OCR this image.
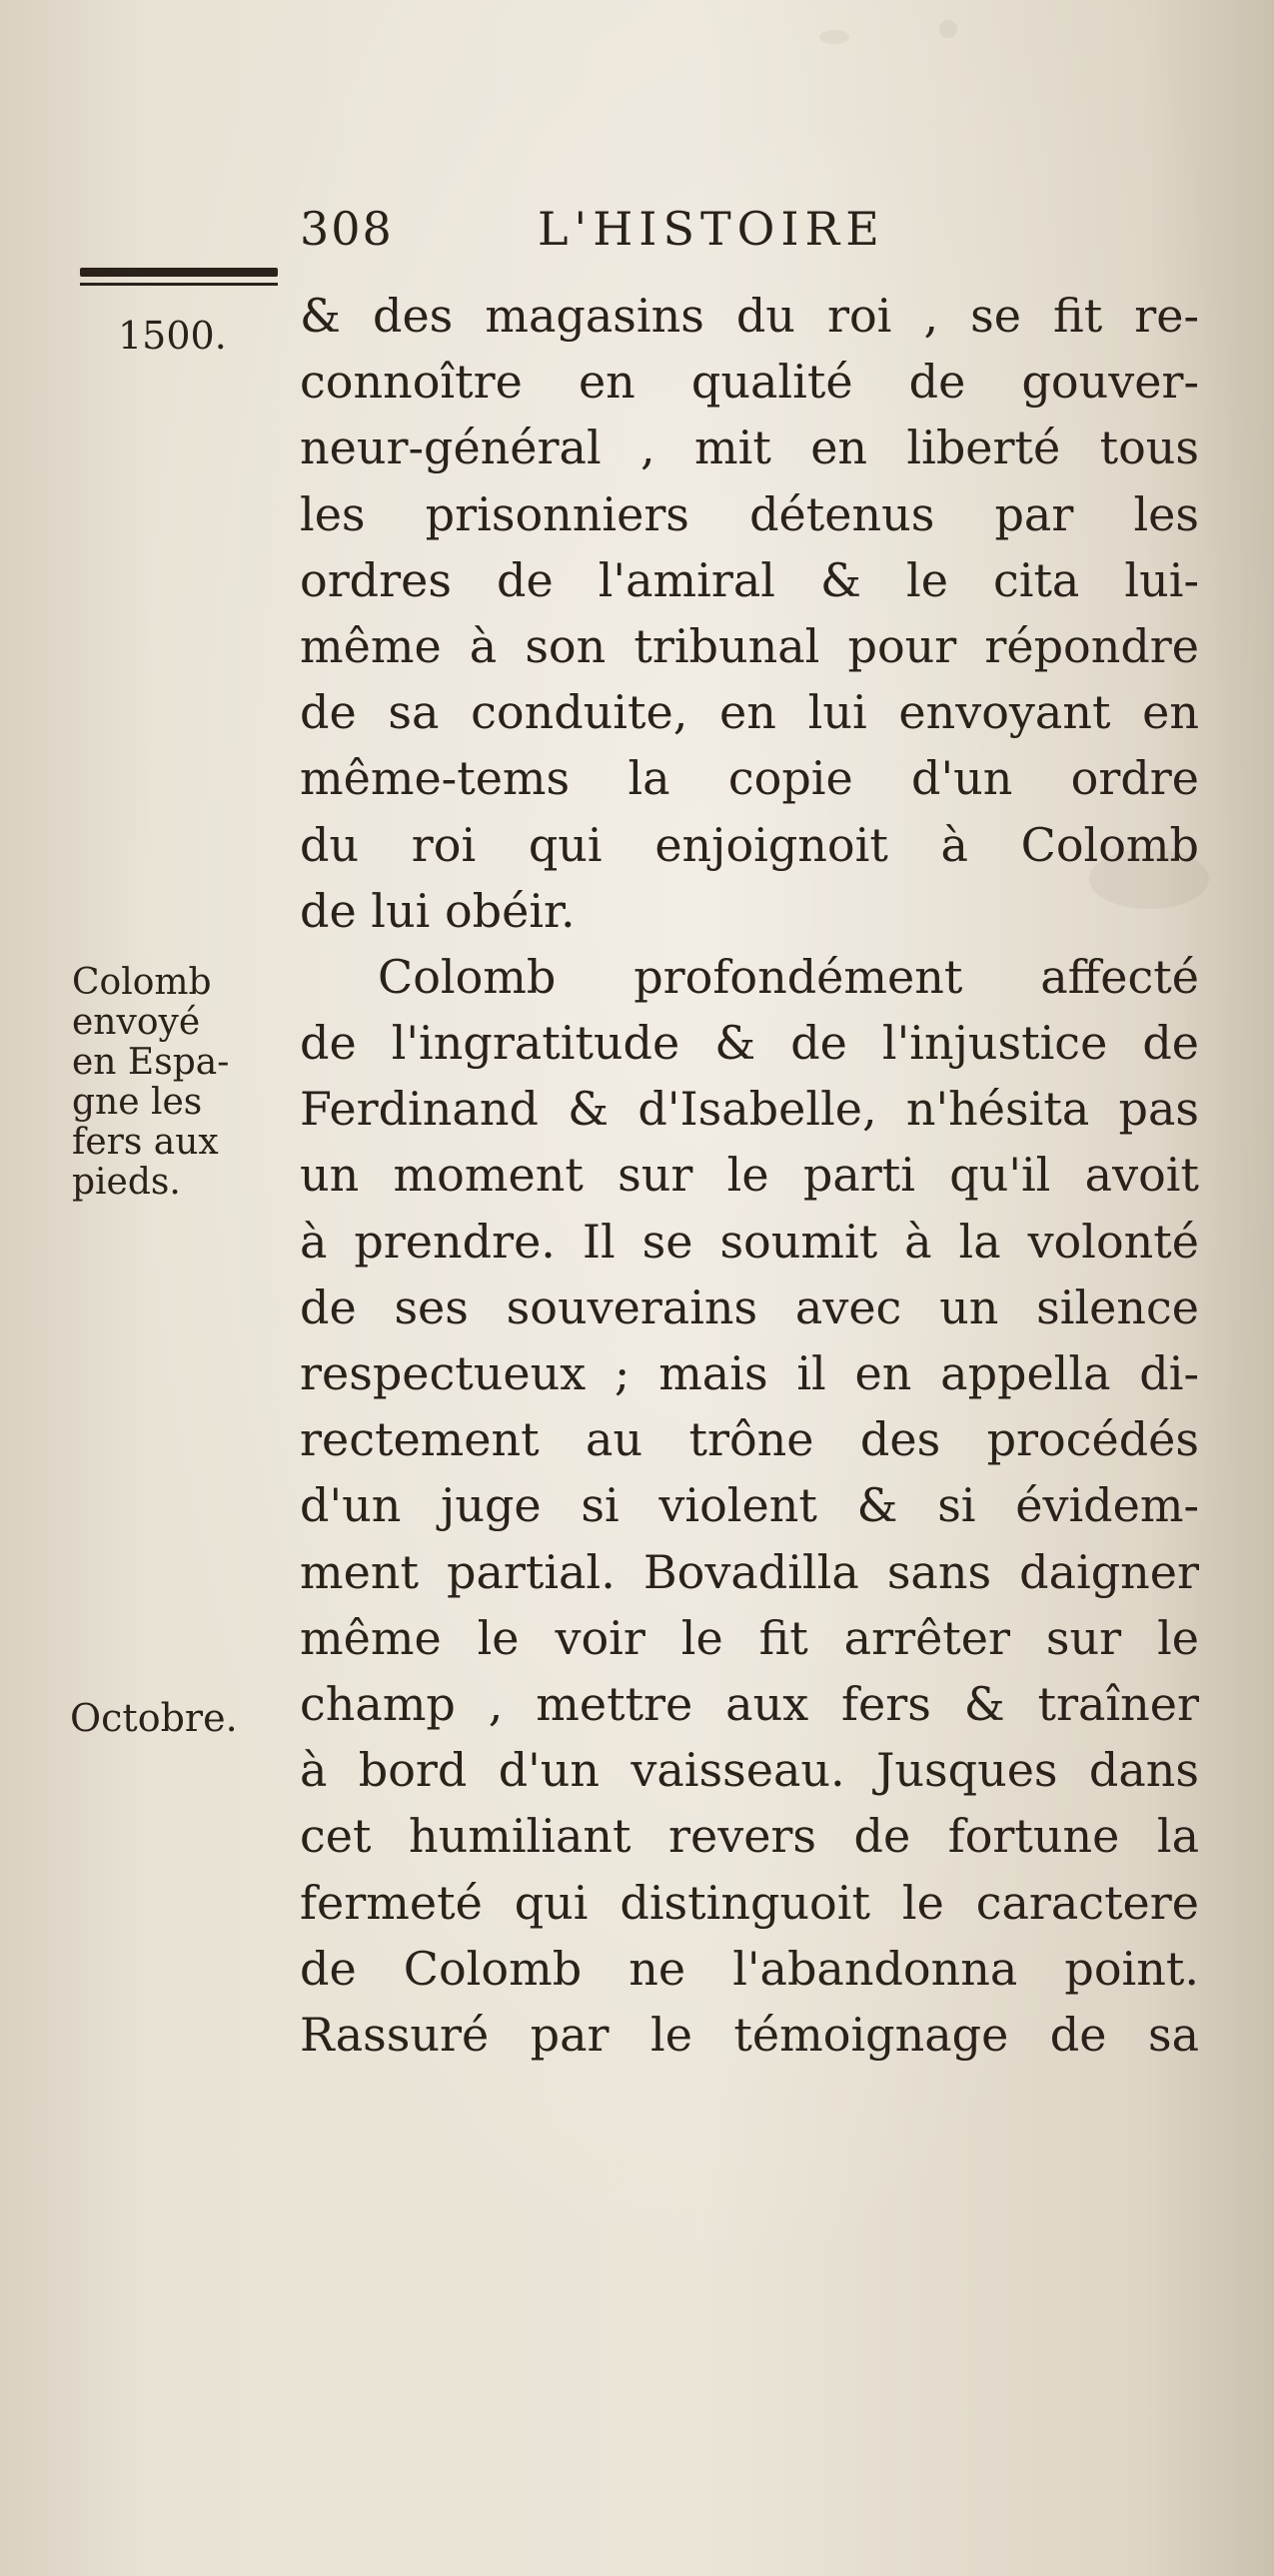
308	L'HISTOIRE
1500.
Colomb
envoyé
en Espa-
gne les
fers aux
pieds.
Octobre.
& des magasins du roi , se fit re-
connoître en qualité de gouver-
neur-général , mit en liberté tous
les prisonniers détenus par les
ordres de l'amiral & le cita lui-
même à son tribunal pour répondre
de sa conduite, en lui envoyant en
même-tems la copie d'un ordre
du roi qui enjoignoit à Colomb
de lui obéir.
Colomb profondément affecté
de l'ingratitude & de l'injustice de
Ferdinand & d'Isabelle, n'hésita pas
un moment sur le parti qu'il avoit
à prendre. Il se soumit à la volonté
de ses souverains avec un silence
respectueux ; mais il en appella di-
rectement au trône des procédés
d'un juge si violent & si évidem-
ment partial. Bovadilla sans daigner
même le voir le fit arrêter sur le
champ , mettre aux fers & traîner
à bord d'un vaisseau. Jusques dans
cet humiliant revers de fortune la
fermeté qui distinguoit le caractere
de Colomb ne l'abandonna point.
Rassuré par le témoignage de sa
